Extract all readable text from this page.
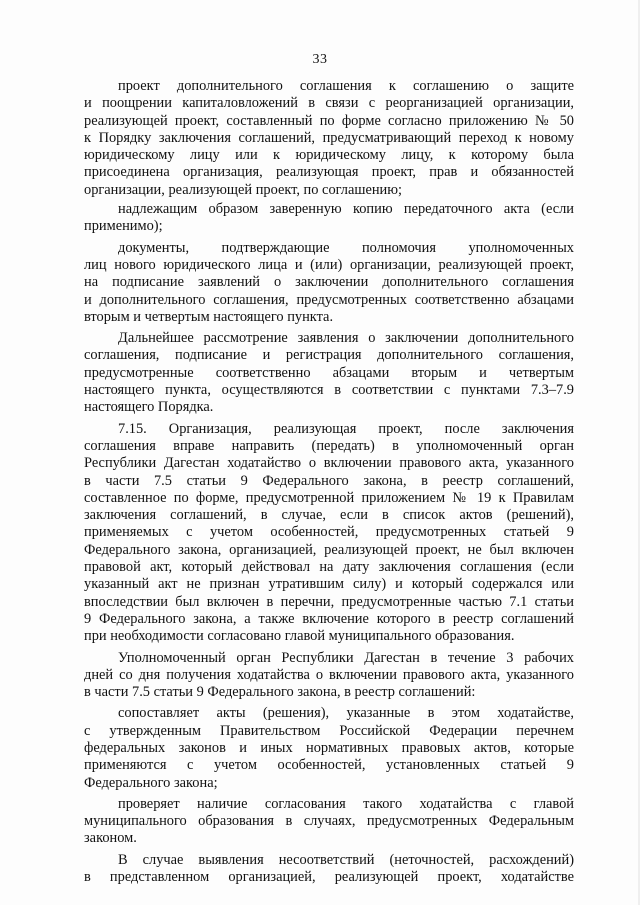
33

проект дополнительного соглашения к соглашению о защите
и поощрении капиталовложений в связи с реорганизацией организации,
реализующей проект, составленный по форме согласно приложению № 50
к Порядку заключения соглашений, предусматривающий переход к новому
юридическому лицу или к юридическому лицу, к которому была
присоединена организация, реализующая проект, прав и обязанностей
организации, реализующей проект, по соглашению;

надлежащим образом заверенную копию передаточного акта (если
применимо);

документы, подтверждающие полномочия уполномоченных
лиц нового юридического лица и (или) организации, реализующей проект,
на подписание заявлений о заключении дополнительного соглашения
и дополнительного соглашения, предусмотренных соответственно абзацами
вторым и четвертым настоящего пункта.

Дальнейшее рассмотрение заявления о заключении дополнительного
соглашения, подписание и регистрация дополнительного соглашения,
предусмотренные соответственно абзацами вторым и четвертым
настоящего пункта, осуществляются в соответствии с пунктами 7.3–7.9
настоящего Порядка.

7.15. Организация, реализующая проект, после заключения
соглашения вправе направить (передать) в уполномоченный орган
Республики Дагестан ходатайство о включении правового акта, указанного
в части 7.5 статьи 9 Федерального закона, в реестр соглашений,
составленное по форме, предусмотренной приложением № 19 к Правилам
заключения соглашений, в случае, если в список актов (решений),
применяемых с учетом особенностей, предусмотренных статьей 9
Федерального закона, организацией, реализующей проект, не был включен
правовой акт, который действовал на дату заключения соглашения (если
указанный акт не признан утратившим силу) и который содержался или
впоследствии был включен в перечни, предусмотренные частью 7.1 статьи
9 Федерального закона, а также включение которого в реестр соглашений
при необходимости согласовано главой муниципального образования.

Уполномоченный орган Республики Дагестан в течение 3 рабочих
дней со дня получения ходатайства о включении правового акта, указанного
в части 7.5 статьи 9 Федерального закона, в реестр соглашений:

сопоставляет акты (решения), указанные в этом ходатайстве,
с утвержденным Правительством Российской Федерации перечнем
федеральных законов и иных нормативных правовых актов, которые
применяются с учетом особенностей, установленных статьей 9
Федерального закона;

проверяет наличие согласования такого ходатайства с главой
муниципального образования в случаях, предусмотренных Федеральным
законом.

В случае выявления несоответствий (неточностей, расхождений)
в представленном организацией, реализующей проект, ходатайстве
